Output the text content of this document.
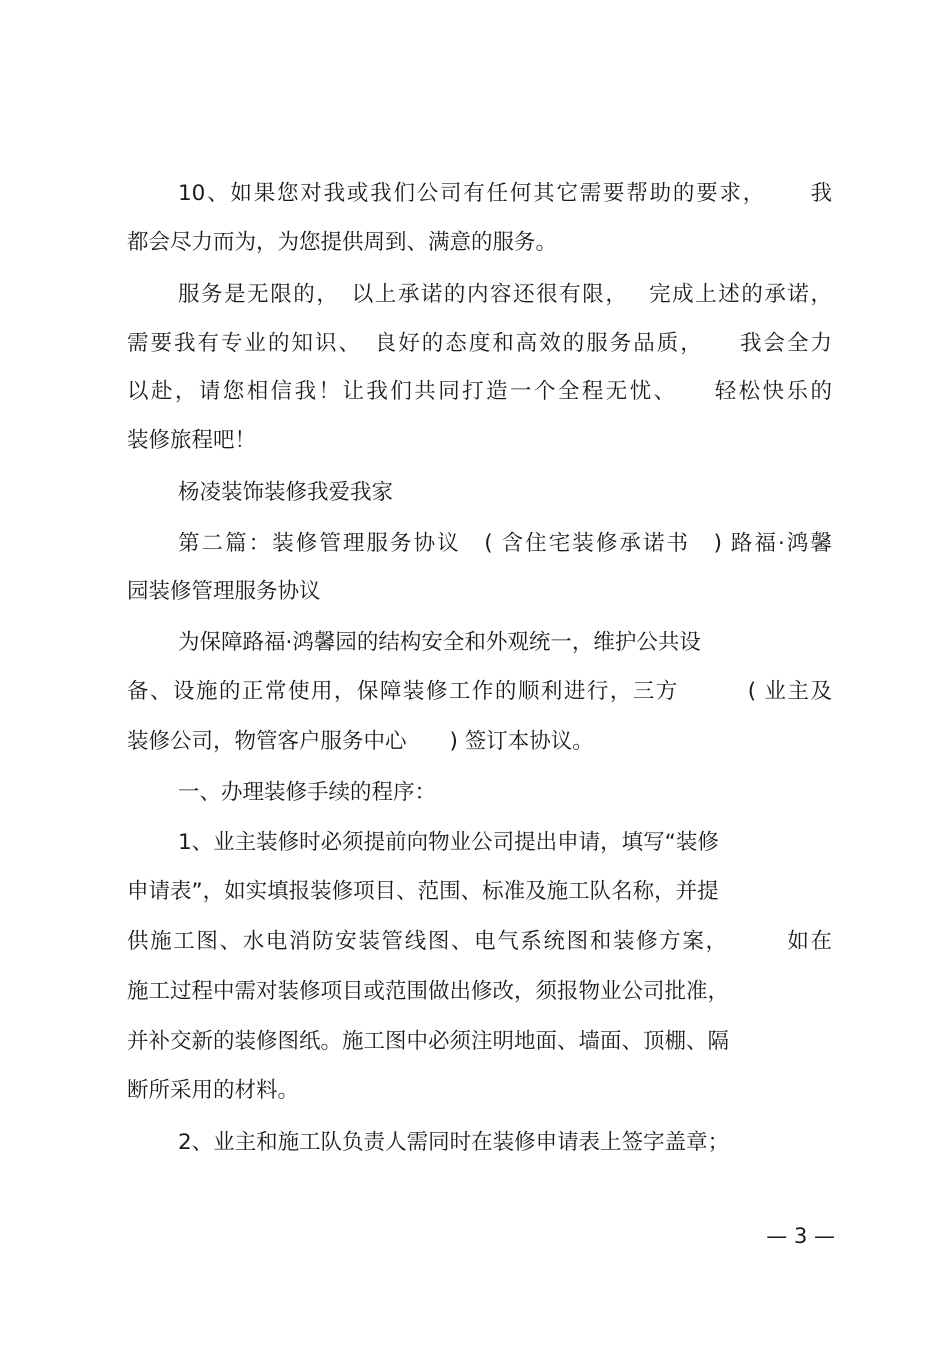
10、如果您对我或我们公司有任何其它需要帮助的要求，　　 我
都会尽力而为，为您提供周到、满意的服务。
服务是无限的，　以上承诺的内容还很有限，　 完成上述的承诺，
需要我有专业的知识、　良好的态度和高效的服务品质，　　我会全力
以赴，请您相信我！让我们共同打造一个全程无忧、　　轻松快乐的
装修旅程吧！
杨凌装饰装修我爱我家
第二篇：装修管理服务协议　( 含住宅装修承诺书　) 路福·鸿馨
园装修管理服务协议
为保障路福·鸿馨园的结构安全和外观统一，维护公共设
备、设施的正常使用，保障装修工作的顺利进行，三方　　　( 业主及
装修公司，物管客户服务中心　　) 签订本协议。
一、办理装修手续的程序：
1、业主装修时必须提前向物业公司提出申请，填写“装修
申请表”，如实填报装修项目、范围、标准及施工队名称，并提
供施工图、水电消防安装管线图、电气系统图和装修方案，　　　如在
施工过程中需对装修项目或范围做出修改，须报物业公司批准，
并补交新的装修图纸。施工图中必须注明地面、墙面、顶棚、隔
断所采用的材料。
2、业主和施工队负责人需同时在装修申请表上签字盖章；
— 3 —
